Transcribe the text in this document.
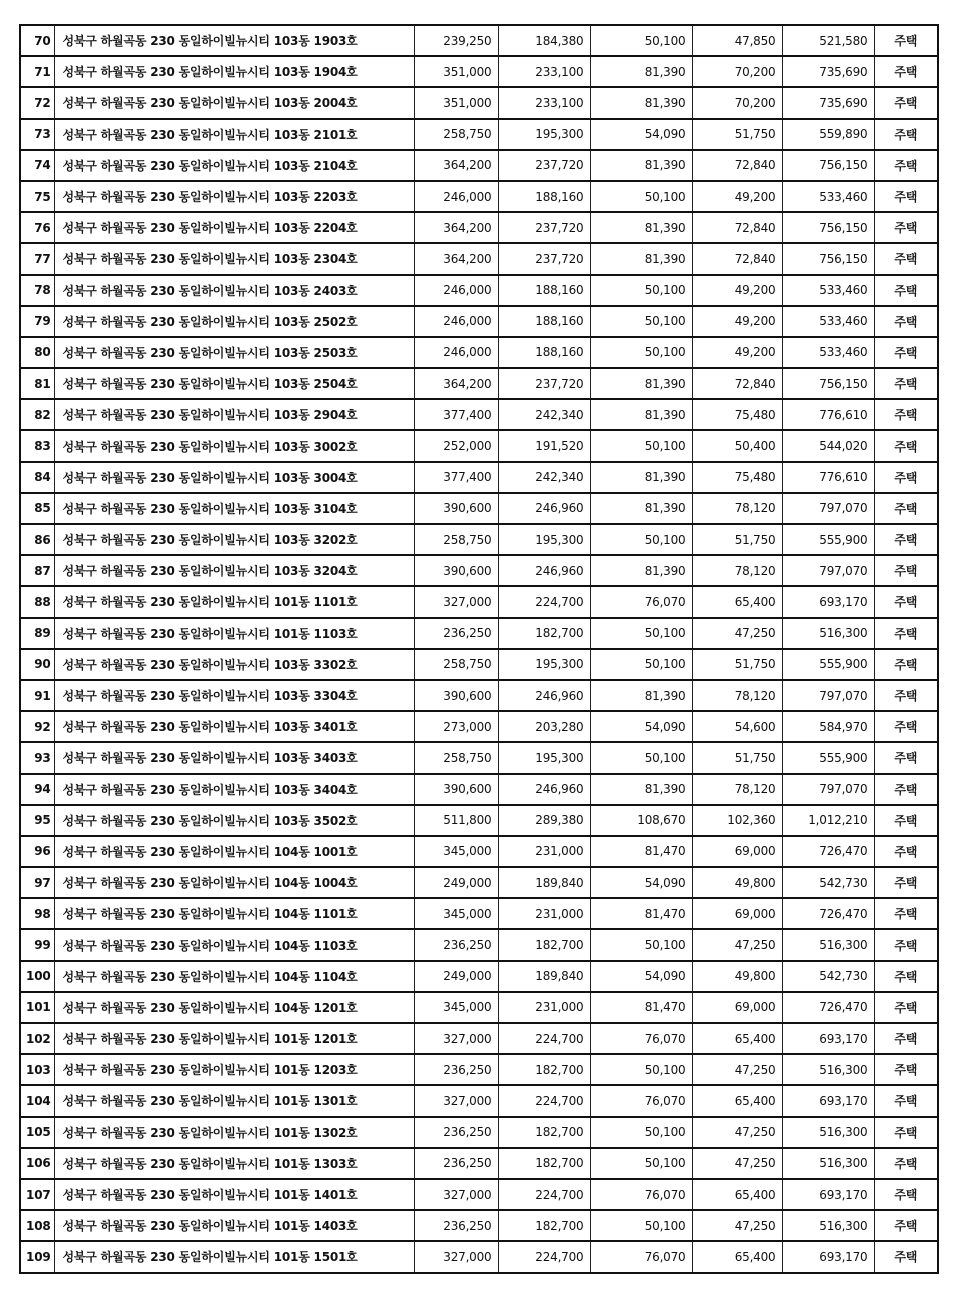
70	성북구 하월곡동 230 동일하이빌뉴시티 103동 1903호	239,250	184,380	50,100	47,850	521,580	주택
71	성북구 하월곡동 230 동일하이빌뉴시티 103동 1904호	351,000	233,100	81,390	70,200	735,690	주택
72	성북구 하월곡동 230 동일하이빌뉴시티 103동 2004호	351,000	233,100	81,390	70,200	735,690	주택
73	성북구 하월곡동 230 동일하이빌뉴시티 103동 2101호	258,750	195,300	54,090	51,750	559,890	주택
74	성북구 하월곡동 230 동일하이빌뉴시티 103동 2104호	364,200	237,720	81,390	72,840	756,150	주택
75	성북구 하월곡동 230 동일하이빌뉴시티 103동 2203호	246,000	188,160	50,100	49,200	533,460	주택
76	성북구 하월곡동 230 동일하이빌뉴시티 103동 2204호	364,200	237,720	81,390	72,840	756,150	주택
77	성북구 하월곡동 230 동일하이빌뉴시티 103동 2304호	364,200	237,720	81,390	72,840	756,150	주택
78	성북구 하월곡동 230 동일하이빌뉴시티 103동 2403호	246,000	188,160	50,100	49,200	533,460	주택
79	성북구 하월곡동 230 동일하이빌뉴시티 103동 2502호	246,000	188,160	50,100	49,200	533,460	주택
80	성북구 하월곡동 230 동일하이빌뉴시티 103동 2503호	246,000	188,160	50,100	49,200	533,460	주택
81	성북구 하월곡동 230 동일하이빌뉴시티 103동 2504호	364,200	237,720	81,390	72,840	756,150	주택
82	성북구 하월곡동 230 동일하이빌뉴시티 103동 2904호	377,400	242,340	81,390	75,480	776,610	주택
83	성북구 하월곡동 230 동일하이빌뉴시티 103동 3002호	252,000	191,520	50,100	50,400	544,020	주택
84	성북구 하월곡동 230 동일하이빌뉴시티 103동 3004호	377,400	242,340	81,390	75,480	776,610	주택
85	성북구 하월곡동 230 동일하이빌뉴시티 103동 3104호	390,600	246,960	81,390	78,120	797,070	주택
86	성북구 하월곡동 230 동일하이빌뉴시티 103동 3202호	258,750	195,300	50,100	51,750	555,900	주택
87	성북구 하월곡동 230 동일하이빌뉴시티 103동 3204호	390,600	246,960	81,390	78,120	797,070	주택
88	성북구 하월곡동 230 동일하이빌뉴시티 101동 1101호	327,000	224,700	76,070	65,400	693,170	주택
89	성북구 하월곡동 230 동일하이빌뉴시티 101동 1103호	236,250	182,700	50,100	47,250	516,300	주택
90	성북구 하월곡동 230 동일하이빌뉴시티 103동 3302호	258,750	195,300	50,100	51,750	555,900	주택
91	성북구 하월곡동 230 동일하이빌뉴시티 103동 3304호	390,600	246,960	81,390	78,120	797,070	주택
92	성북구 하월곡동 230 동일하이빌뉴시티 103동 3401호	273,000	203,280	54,090	54,600	584,970	주택
93	성북구 하월곡동 230 동일하이빌뉴시티 103동 3403호	258,750	195,300	50,100	51,750	555,900	주택
94	성북구 하월곡동 230 동일하이빌뉴시티 103동 3404호	390,600	246,960	81,390	78,120	797,070	주택
95	성북구 하월곡동 230 동일하이빌뉴시티 103동 3502호	511,800	289,380	108,670	102,360	1,012,210	주택
96	성북구 하월곡동 230 동일하이빌뉴시티 104동 1001호	345,000	231,000	81,470	69,000	726,470	주택
97	성북구 하월곡동 230 동일하이빌뉴시티 104동 1004호	249,000	189,840	54,090	49,800	542,730	주택
98	성북구 하월곡동 230 동일하이빌뉴시티 104동 1101호	345,000	231,000	81,470	69,000	726,470	주택
99	성북구 하월곡동 230 동일하이빌뉴시티 104동 1103호	236,250	182,700	50,100	47,250	516,300	주택
100	성북구 하월곡동 230 동일하이빌뉴시티 104동 1104호	249,000	189,840	54,090	49,800	542,730	주택
101	성북구 하월곡동 230 동일하이빌뉴시티 104동 1201호	345,000	231,000	81,470	69,000	726,470	주택
102	성북구 하월곡동 230 동일하이빌뉴시티 101동 1201호	327,000	224,700	76,070	65,400	693,170	주택
103	성북구 하월곡동 230 동일하이빌뉴시티 101동 1203호	236,250	182,700	50,100	47,250	516,300	주택
104	성북구 하월곡동 230 동일하이빌뉴시티 101동 1301호	327,000	224,700	76,070	65,400	693,170	주택
105	성북구 하월곡동 230 동일하이빌뉴시티 101동 1302호	236,250	182,700	50,100	47,250	516,300	주택
106	성북구 하월곡동 230 동일하이빌뉴시티 101동 1303호	236,250	182,700	50,100	47,250	516,300	주택
107	성북구 하월곡동 230 동일하이빌뉴시티 101동 1401호	327,000	224,700	76,070	65,400	693,170	주택
108	성북구 하월곡동 230 동일하이빌뉴시티 101동 1403호	236,250	182,700	50,100	47,250	516,300	주택
109	성북구 하월곡동 230 동일하이빌뉴시티 101동 1501호	327,000	224,700	76,070	65,400	693,170	주택
